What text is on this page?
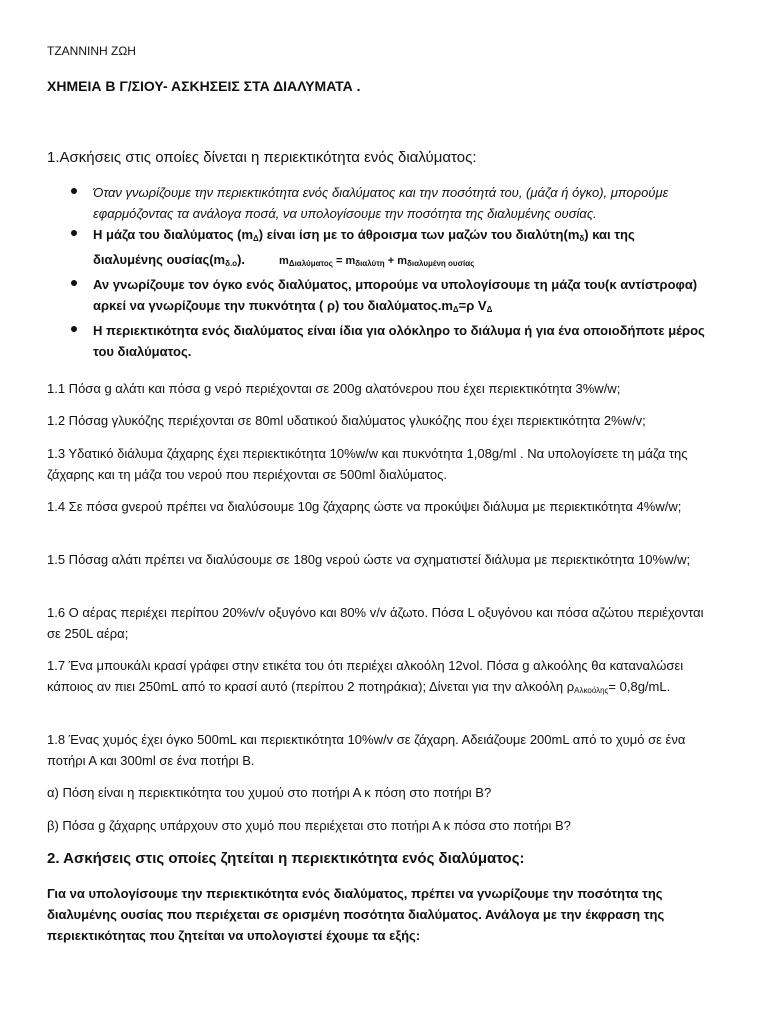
ΤΖΑΝΝΙΝΗ ΖΩΗ
ΧΗΜΕΙΑ Β Γ/ΣΙΟΥ- ΑΣΚΗΣΕΙΣ ΣΤΑ ΔΙΑΛΥΜΑΤΑ .
1.Ασκήσεις στις οποίες δίνεται η περιεκτικότητα ενός διαλύματος:
Όταν γνωρίζουμε την περιεκτικότητα ενός διαλύματος και την ποσότητά του, (μάζα ή όγκο), μπορούμε εφαρμόζοντας τα ανάλογα ποσά, να υπολογίσουμε την ποσότητα της διαλυμένης ουσίας.
Η μάζα του διαλύματος $(m_\Delta)$ είναι ίση με το άθροισμα των μαζών του $\delta\iota\alpha\lambda ύ\tau\eta(m_\delta)$ και της διαλυμένης $o\upsilon\sigma ί\alpha\varsigma(m_{\delta.o})$.	$m_{\Delta\iota\alpha\lambda ύ\mu\alpha\tau o\varsigma} = m_{\delta\iota\alpha\lambda ύ\tau\eta} + m_{\delta\iota\alpha\lambda\upsilon\mu έ\nu\eta o\upsilon\sigma ί\alpha\varsigma}$
Αν γνωρίζουμε τον όγκο ενός διαλύματος, μπορούμε να υπολογίσουμε τη μάζα του(κ αντίστροφα) αρκεί να γνωρίζουμε την πυκνότητα ( ρ) του $\delta\iota\alpha\lambda ύ\mu\alpha\tau o\varsigma.m_\Delta=\rho$ $V_\Delta$
Η περιεκτικότητα ενός διαλύματος είναι ίδια για ολόκληρο το διάλυμα ή για ένα οποιοδήποτε μέρος του διαλύματος.
1.1 Πόσα g αλάτι και πόσα g νερό περιέχονται σε 200g αλατόνερου που έχει περιεκτικότητα 3%w/w;
1.2 Πόσαg γλυκόζης περιέχονται σε 80ml υδατικού διαλύματος γλυκόζης που έχει περιεκτικότητα 2%w/v;
1.3 Υδατικό διάλυμα ζάχαρης έχει περιεκτικότητα 10%w/w και πυκνότητα 1,08g/ml . Να υπολογίσετε τη μάζα της ζάχαρης και τη μάζα του νερού που περιέχονται σε 500ml διαλύματος.
1.4 Σε πόσα gνερού πρέπει να διαλύσουμε 10g ζάχαρης ώστε να προκύψει διάλυμα με περιεκτικότητα 4%w/w;
1.5 Πόσαg αλάτι πρέπει να διαλύσουμε σε 180g νερού ώστε να σχηματιστεί διάλυμα με περιεκτικότητα 10%w/w;
1.6 Ο αέρας περιέχει περίπου 20%v/v οξυγόνο και 80% v/v άζωτο. Πόσα L οξυγόνου και πόσα αζώτου περιέχονται σε 250L αέρα;
1.7 Ένα μπουκάλι κρασί γράφει στην ετικέτα του ότι περιέχει αλκοόλη 12vol. Πόσα g αλκοόλης θα καταναλώσει κάποιος αν πιει 250mL από το κρασί αυτό (περίπου 2 ποτηράκια); Δίνεται για την αλκοόλη $\rho_{A\lambda\kappa oό\lambda\eta\varsigma}= 0,8g/mL$.
1.8 Ένας χυμός έχει όγκο 500mL και περιεκτικότητα 10%w/v σε ζάχαρη. Αδειάζουμε 200mL από το χυμό σε ένα ποτήρι Α και 300ml σε ένα ποτήρι Β.
α) Πόση είναι η περιεκτικότητα του χυμού στο ποτήρι Α κ πόση στο ποτήρι Β?
β) Πόσα g ζάχαρης υπάρχουν στο χυμό που περιέχεται στο ποτήρι Α κ πόσα στο ποτήρι Β?
2. Ασκήσεις στις οποίες ζητείται η περιεκτικότητα ενός διαλύματος:
Για να υπολογίσουμε την περιεκτικότητα ενός διαλύματος, πρέπει να γνωρίζουμε την ποσότητα της διαλυμένης ουσίας που περιέχεται σε ορισμένη ποσότητα διαλύματος. Ανάλογα με την έκφραση της περιεκτικότητας που ζητείται να υπολογιστεί έχουμε τα εξής:
